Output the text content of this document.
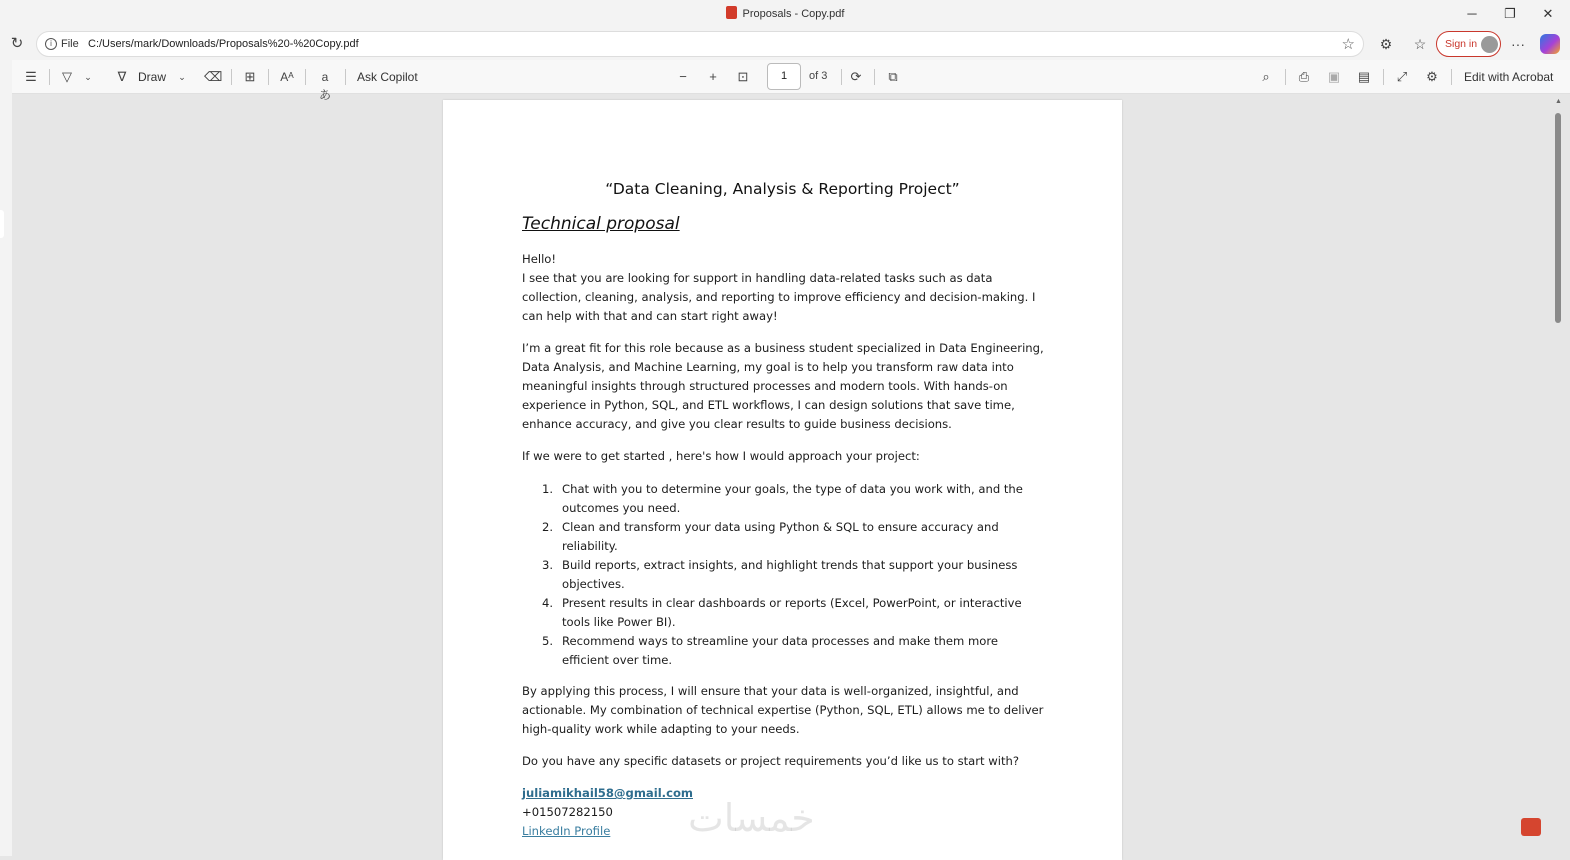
Proposals - Copy.pdf	─	❐	✕
↻	i File C:/Users/mark/Downloads/Proposals%20-%20Copy.pdf	☆ ⚙ ☆	Sign in ···
☰	▽	⌄ ∇ Draw ⌄ ⌫ ⊞ Aᴬ	aあ
Ask Copilot	−	+	⊡	1	of 3 ⟳	⧉	⌕	⎙ ▣ ▤ ⤢ ⚙ Edit with Acrobat
▲
“Data Cleaning, Analysis & Reporting Project”
Technical proposal
Hello!
I see that you are looking for support in handling data-related tasks such as data
collection, cleaning, analysis, and reporting to improve efficiency and decision-making. I
can help with that and can start right away!
I’m a great fit for this role because as a business student specialized in Data Engineering,
Data Analysis, and Machine Learning, my goal is to help you transform raw data into
meaningful insights through structured processes and modern tools. With hands-on
experience in Python, SQL, and ETL workflows, I can design solutions that save time,
enhance accuracy, and give you clear results to guide business decisions.
If we were to get started , here's how I would approach your project:
1. Chat with you to determine your goals, the type of data you work with, and the
outcomes you need.
2. Clean and transform your data using Python & SQL to ensure accuracy and
reliability.
3. Build reports, extract insights, and highlight trends that support your business
objectives.
4. Present results in clear dashboards or reports (Excel, PowerPoint, or interactive
tools like Power BI).
5. Recommend ways to streamline your data processes and make them more
efficient over time.
By applying this process, I will ensure that your data is well-organized, insightful, and
actionable. My combination of technical expertise (Python, SQL, ETL) allows me to deliver
high-quality work while adapting to your needs.
Do you have any specific datasets or project requirements you’d like us to start with?
juliamikhail58@gmail.com
+01507282150
LinkedIn Profile خمسات
